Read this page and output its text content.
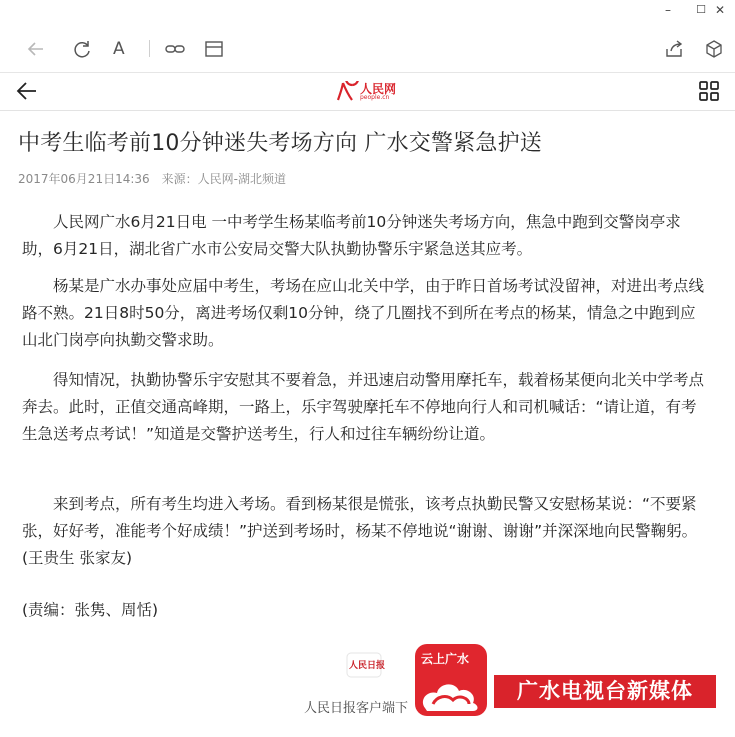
–	☐ ✕
A
人民网
people.cn
中考生临考前10分钟迷失考场方向 广水交警紧急护送
2017年06月21日14:36 来源：人民网-湖北频道

人民网广水6月21日电 一中考学生杨某临考前10分钟迷失考场方向，焦急中跑到交警岗亭求助，6月21日，湖北省广水市公安局交警大队执勤协警乐宇紧急送其应考。

杨某是广水办事处应届中考生，考场在应山北关中学，由于昨日首场考试没留神，对进出考点线路不熟。21日8时50分，离进考场仅剩10分钟，绕了几圈找不到所在考点的杨某，情急之中跑到应山北门岗亭向执勤交警求助。

得知情况，执勤协警乐宇安慰其不要着急，并迅速启动警用摩托车，载着杨某便向北关中学考点奔去。此时，正值交通高峰期，一路上，乐宇驾驶摩托车不停地向行人和司机喊话：“请让道，有考生急送考点考试！”知道是交警护送考生，行人和过往车辆纷纷让道。

来到考点，所有考生均进入考场。看到杨某很是慌张，该考点执勤民警又安慰杨某说：“不要紧张，好好考，准能考个好成绩！”护送到考场时，杨某不停地说“谢谢、谢谢”并深深地向民警鞠躬。(王贵生 张家友)

(责编：张隽、周恬)
人民日报
人民日报客户端下
云上广水
广水电视台新媒体
